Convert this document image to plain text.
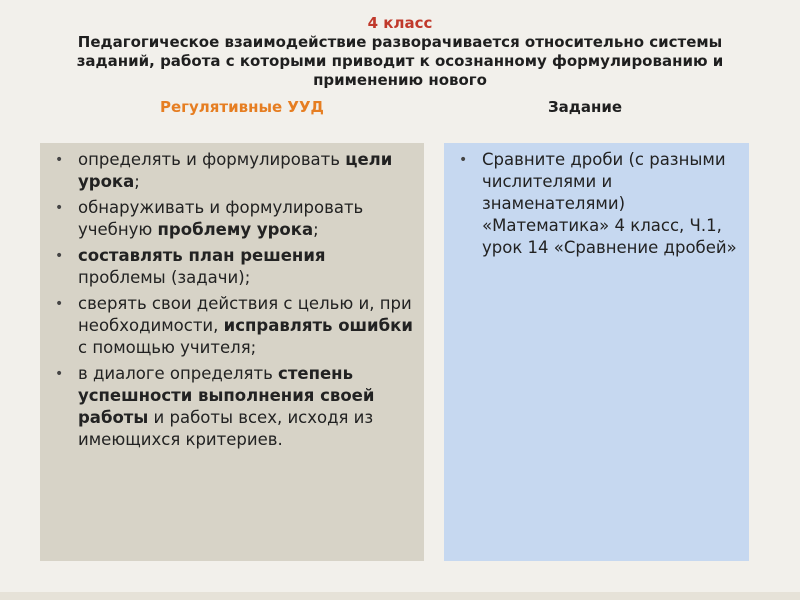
4 класс
Педагогическое взаимодействие разворачивается относительно системы заданий, работа с которыми приводит к осознанному формулированию и применению нового
Регулятивные УУД	Задание
• определять и формулировать цели урока;
• обнаруживать и формулировать учебную проблему урока;
• составлять план решения проблемы (задачи);
• сверять свои действия с целью и, при необходимости, исправлять ошибки с помощью учителя;
• в диалоге определять степень успешности выполнения своей работы и работы всех, исходя из имеющихся критериев.
• Сравните дроби (с разными числителями и знаменателями) «Математика» 4 класс, Ч.1, урок 14 «Сравнение дробей»
